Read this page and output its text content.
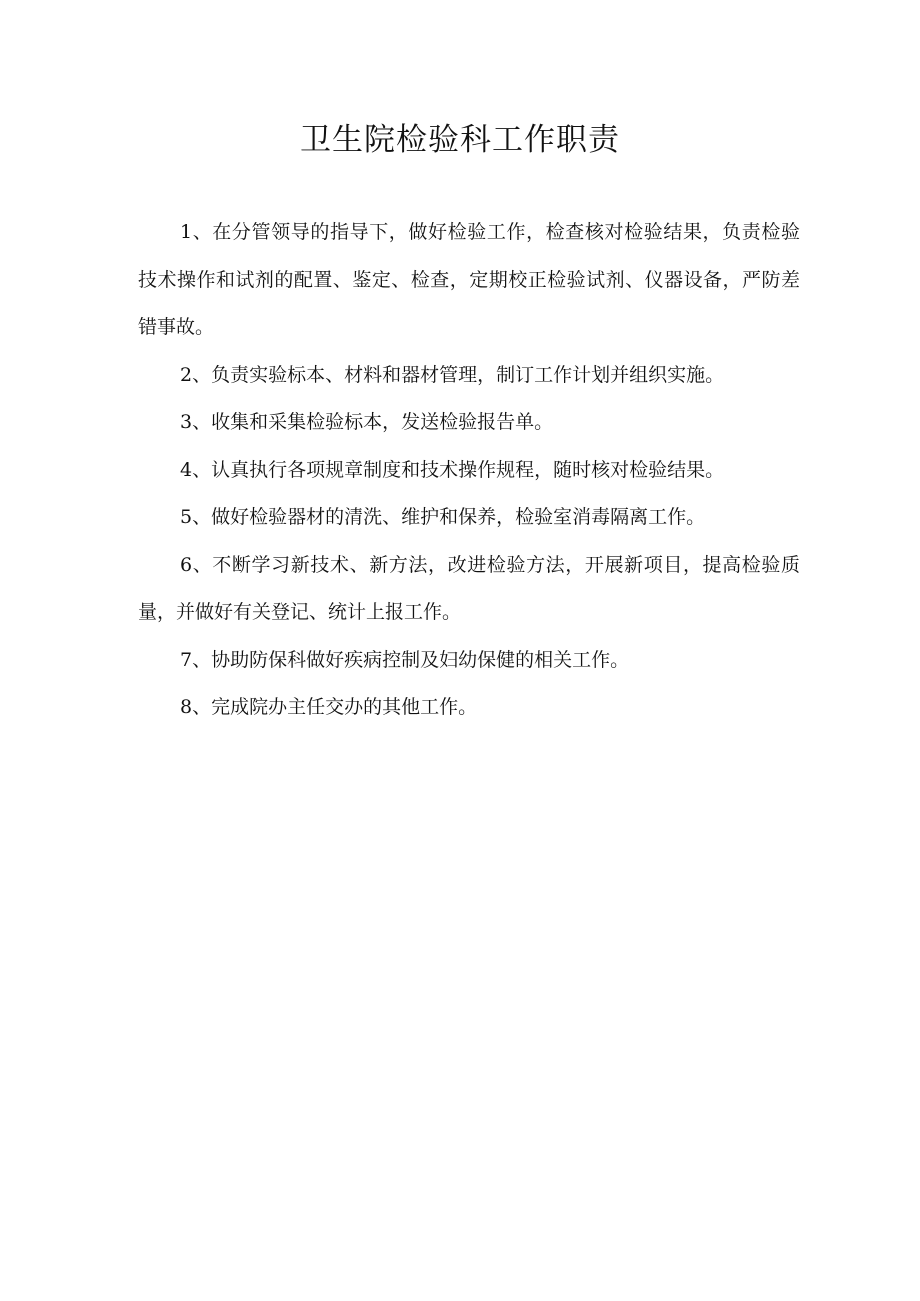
卫生院检验科工作职责

1、在分管领导的指导下，做好检验工作，检查核对检验结果，负责检验技术操作和试剂的配置、鉴定、检查，定期校正检验试剂、仪器设备，严防差错事故。

2、负责实验标本、材料和器材管理，制订工作计划并组织实施。

3、收集和采集检验标本，发送检验报告单。

4、认真执行各项规章制度和技术操作规程，随时核对检验结果。

5、做好检验器材的清洗、维护和保养，检验室消毒隔离工作。

6、不断学习新技术、新方法，改进检验方法，开展新项目，提高检验质量，并做好有关登记、统计上报工作。

7、协助防保科做好疾病控制及妇幼保健的相关工作。

8、完成院办主任交办的其他工作。
